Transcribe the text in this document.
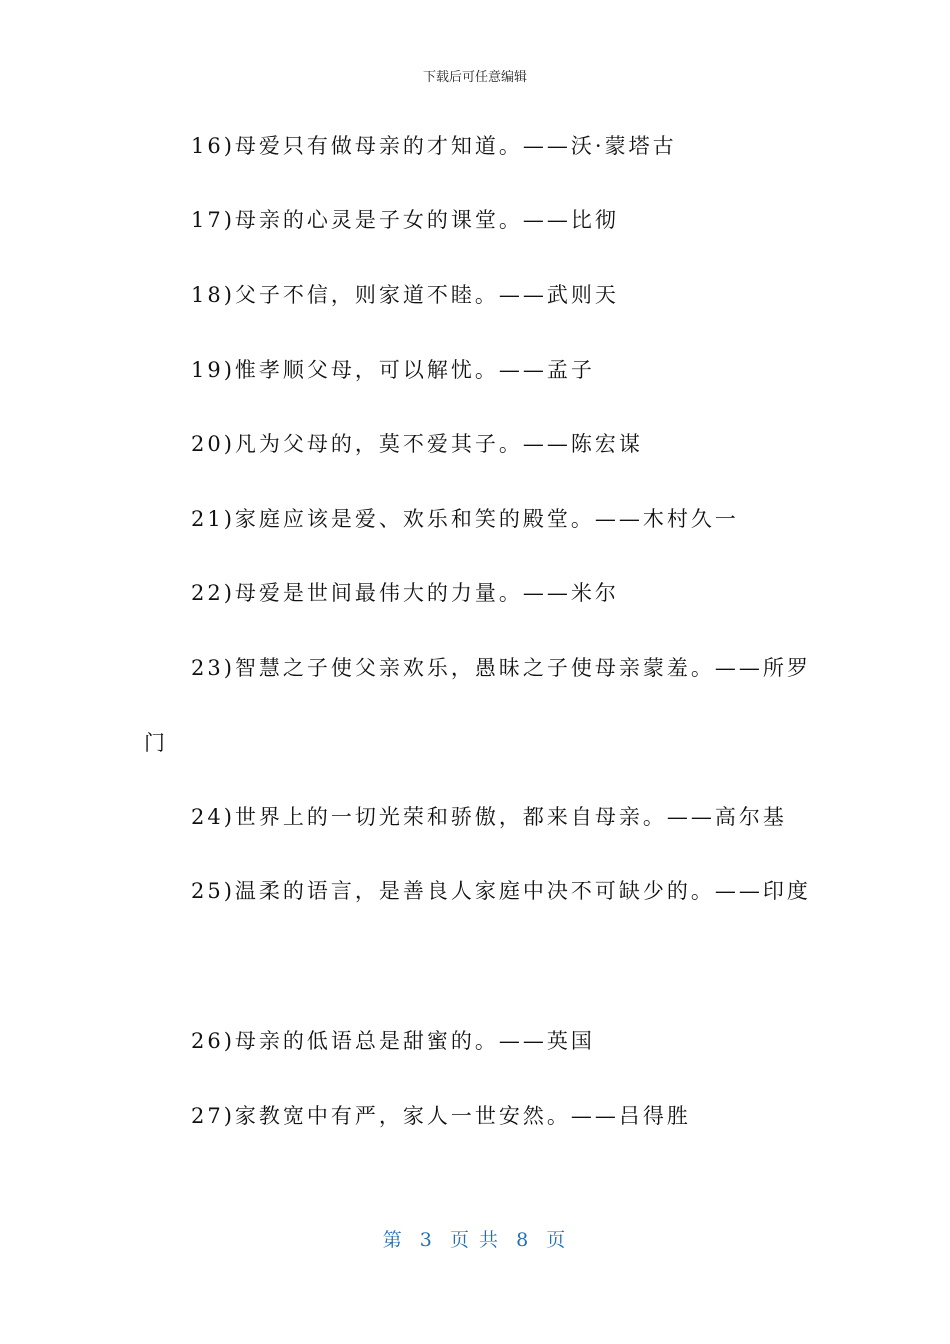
下载后可任意编辑
16)母爱只有做母亲的才知道。——沃·蒙塔古
17)母亲的心灵是子女的课堂。——比彻
18)父子不信，则家道不睦。——武则天
19)惟孝顺父母，可以解忧。——孟子
20)凡为父母的，莫不爱其子。——陈宏谋
21)家庭应该是爱、欢乐和笑的殿堂。——木村久一
22)母爱是世间最伟大的力量。——米尔
23)智慧之子使父亲欢乐，愚昧之子使母亲蒙羞。——所罗
门
24)世界上的一切光荣和骄傲，都来自母亲。——高尔基
25)温柔的语言，是善良人家庭中决不可缺少的。——印度
26)母亲的低语总是甜蜜的。——英国
27)家教宽中有严，家人一世安然。——吕得胜
第  3  页 共  8  页
